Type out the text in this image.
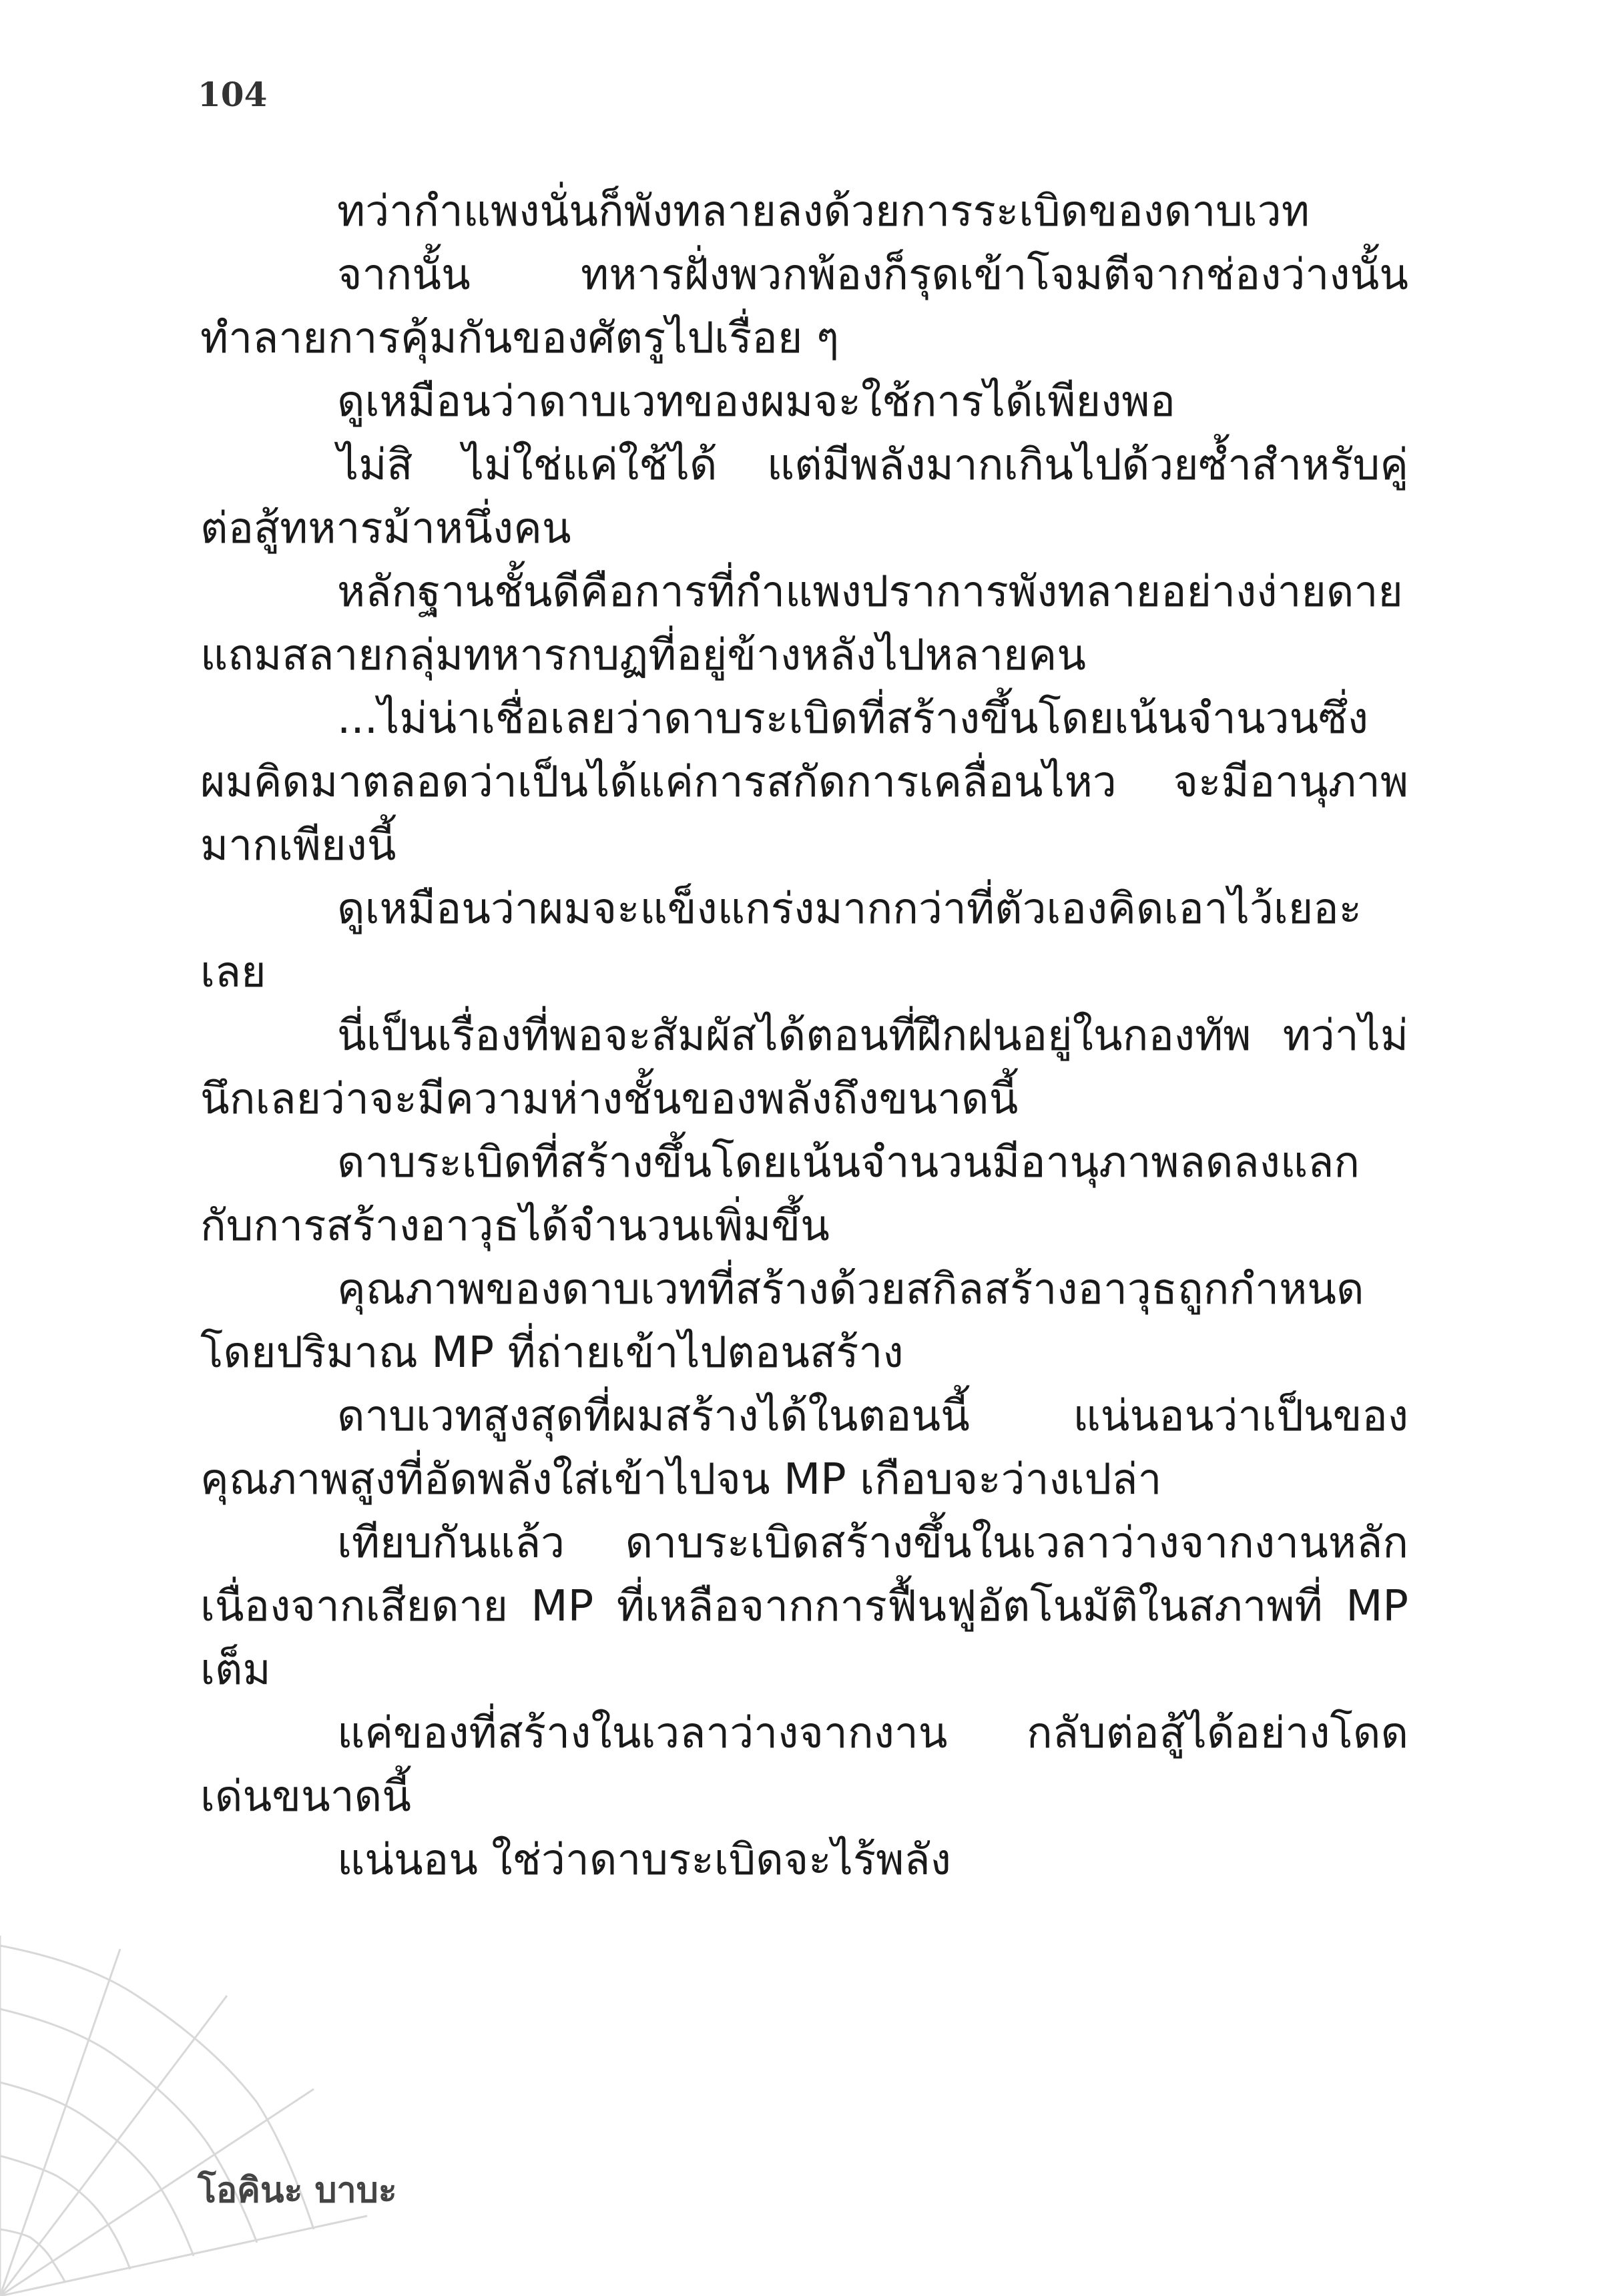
104

ทว่ากำแพงนั่นก็พังทลายลงด้วยการระเบิดของดาบเวท

จากนั้น ทหารฝั่งพวกพ้องก็รุดเข้าโจมตีจากช่องว่างนั้น ทำลายการคุ้มกันของศัตรูไปเรื่อย ๆ

ดูเหมือนว่าดาบเวทของผมจะใช้การได้เพียงพอ

ไม่สิ ไม่ใช่แค่ใช้ได้ แต่มีพลังมากเกินไปด้วยซ้ำสำหรับคู่ต่อสู้ทหารม้าหนึ่งคน

หลักฐานชั้นดีคือการที่กำแพงปราการพังทลายอย่างง่ายดาย แถมสลายกลุ่มทหารกบฏที่อยู่ข้างหลังไปหลายคน

...ไม่น่าเชื่อเลยว่าดาบระเบิดที่สร้างขึ้นโดยเน้นจำนวนซึ่งผมคิดมาตลอดว่าเป็นได้แค่การสกัดการเคลื่อนไหว จะมีอานุภาพมากเพียงนี้

ดูเหมือนว่าผมจะแข็งแกร่งมากกว่าที่ตัวเองคิดเอาไว้เยอะเลย

นี่เป็นเรื่องที่พอจะสัมผัสได้ตอนที่ฝึกฝนอยู่ในกองทัพ ทว่าไม่นึกเลยว่าจะมีความห่างชั้นของพลังถึงขนาดนี้

ดาบระเบิดที่สร้างขึ้นโดยเน้นจำนวนมีอานุภาพลดลงแลกกับการสร้างอาวุธได้จำนวนเพิ่มขึ้น

คุณภาพของดาบเวทที่สร้างด้วยสกิลสร้างอาวุธถูกกำหนดโดยปริมาณ MP ที่ถ่ายเข้าไปตอนสร้าง

ดาบเวทสูงสุดที่ผมสร้างได้ในตอนนี้ แน่นอนว่าเป็นของคุณภาพสูงที่อัดพลังใส่เข้าไปจน MP เกือบจะว่างเปล่า

เทียบกันแล้ว ดาบระเบิดสร้างขึ้นในเวลาว่างจากงานหลักเนื่องจากเสียดาย MP ที่เหลือจากการฟื้นฟูอัตโนมัติในสภาพที่ MP เต็ม

แค่ของที่สร้างในเวลาว่างจากงาน กลับต่อสู้ได้อย่างโดดเด่นขนาดนี้

แน่นอน ใช่ว่าดาบระเบิดจะไร้พลัง

โอคินะ บาบะ
